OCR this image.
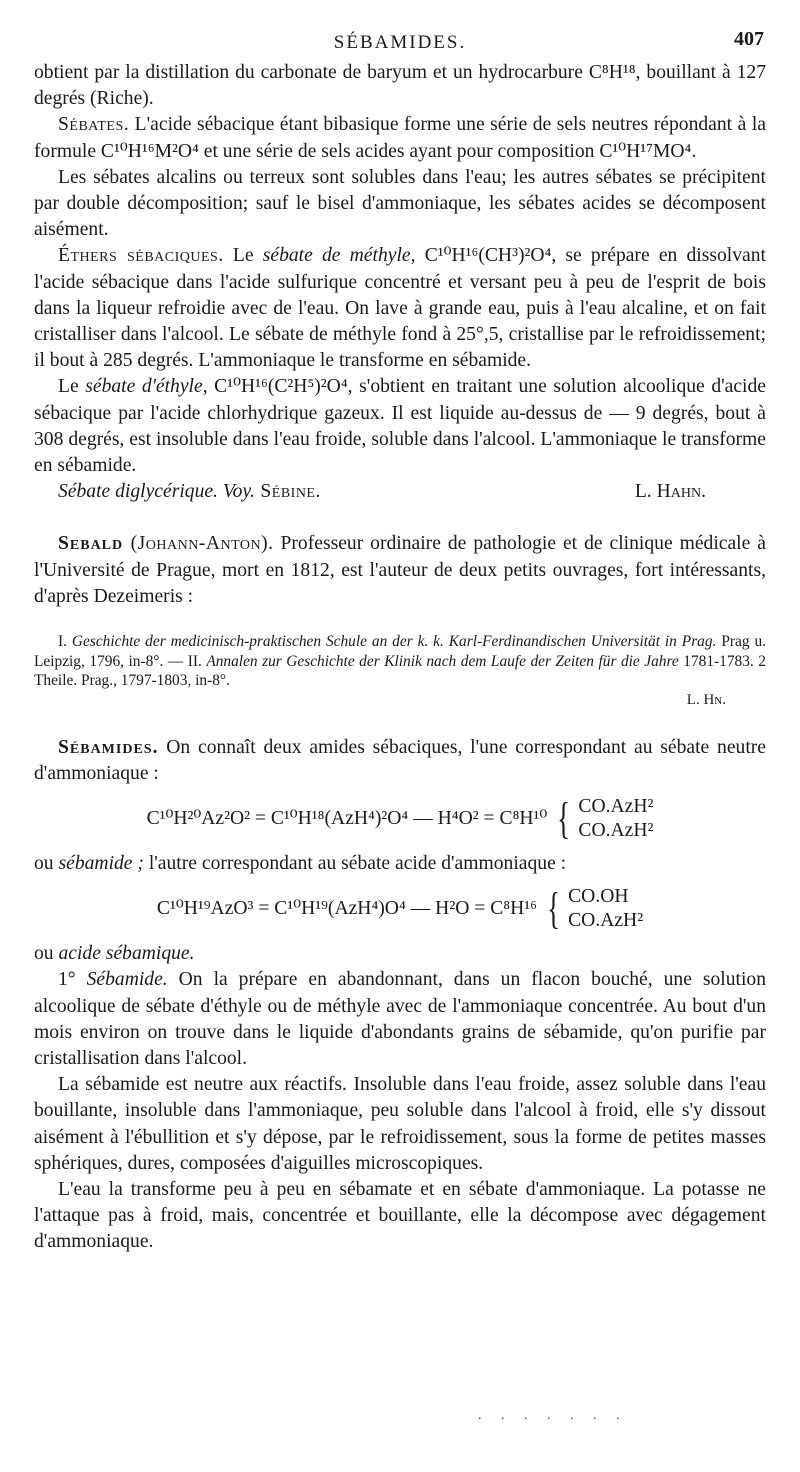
SÉBAMIDES.	407

obtient par la distillation du carbonate de baryum et un hydrocarbure C⁸H¹⁸, bouillant à 127 degrés (Riche).

Sébates. L'acide sébacique étant bibasique forme une série de sels neutres répondant à la formule C¹⁰H¹⁶M²O⁴ et une série de sels acides ayant pour composition C¹⁰H¹⁷MO⁴.

Les sébates alcalins ou terreux sont solubles dans l'eau; les autres sébates se précipitent par double décomposition; sauf le bisel d'ammoniaque, les sébates acides se décomposent aisément.

Éthers sébaciques. Le sébate de méthyle, C¹⁰H¹⁶(CH³)²O⁴, se prépare en dissolvant l'acide sébacique dans l'acide sulfurique concentré et versant peu à peu de l'esprit de bois dans la liqueur refroidie avec de l'eau. On lave à grande eau, puis à l'eau alcaline, et on fait cristalliser dans l'alcool. Le sébate de méthyle fond à 25°,5, cristallise par le refroidissement; il bout à 285 degrés. L'ammoniaque le transforme en sébamide.

Le sébate d'éthyle, C¹⁰H¹⁶(C²H⁵)²O⁴, s'obtient en traitant une solution alcoolique d'acide sébacique par l'acide chlorhydrique gazeux. Il est liquide au-dessus de — 9 degrés, bout à 308 degrés, est insoluble dans l'eau froide, soluble dans l'alcool. L'ammoniaque le transforme en sébamide.

Sébate diglycérique. Voy. Sébine.	L. Hahn.

Sebald (Johann-Anton). Professeur ordinaire de pathologie et de clinique médicale à l'Université de Prague, mort en 1812, est l'auteur de deux petits ouvrages, fort intéressants, d'après Dezeimeris :

I. Geschichte der medicinisch-praktischen Schule an der k. k. Karl-Ferdinandischen Universität in Prag. Prag u. Leipzig, 1796, in-8°. — II. Annalen zur Geschichte der Klinik nach dem Laufe der Zeiten für die Jahre 1781-1783. 2 Theile. Prag., 1797-1803, in-8°.

L. Hn.

Sébamides. On connaît deux amides sébaciques, l'une correspondant au sébate neutre d'ammoniaque :

C¹⁰H²⁰Az²O² = C¹⁰H¹⁸(AzH⁴)²O⁴ — H⁴O² = C⁸H¹⁰ { CO.AzH²
CO.AzH²

ou sébamide ; l'autre correspondant au sébate acide d'ammoniaque :

C¹⁰H¹⁹AzO³ = C¹⁰H¹⁹(AzH⁴)O⁴ — H²O = C⁸H¹⁶ { CO.OH
CO.AzH²

ou acide sébamique.

1° Sébamide. On la prépare en abandonnant, dans un flacon bouché, une solution alcoolique de sébate d'éthyle ou de méthyle avec de l'ammoniaque concentrée. Au bout d'un mois environ on trouve dans le liquide d'abondants grains de sébamide, qu'on purifie par cristallisation dans l'alcool.

La sébamide est neutre aux réactifs. Insoluble dans l'eau froide, assez soluble dans l'eau bouillante, insoluble dans l'ammoniaque, peu soluble dans l'alcool à froid, elle s'y dissout aisément à l'ébullition et s'y dépose, par le refroidissement, sous la forme de petites masses sphériques, dures, composées d'aiguilles microscopiques.

L'eau la transforme peu à peu en sébamate et en sébate d'ammoniaque. La potasse ne l'attaque pas à froid, mais, concentrée et bouillante, elle la décompose avec dégagement d'ammoniaque.

. . . . . . .
